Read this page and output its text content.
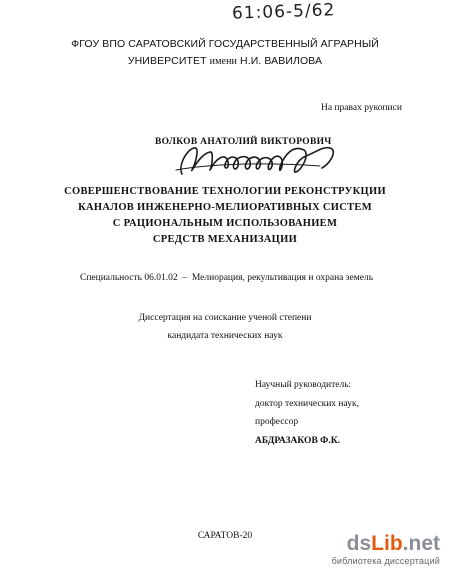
61:06-5/62
ФГОУ ВПО САРАТОВСКИЙ ГОСУДАРСТВЕННЫЙ АГРАРНЫЙ
УНИВЕРСИТЕТ имени Н.И. ВАВИЛОВА
На правах рукописи
ВОЛКОВ АНАТОЛИЙ ВИКТОРОВИЧ
СОВЕРШЕНСТВОВАНИЕ ТЕХНОЛОГИИ РЕКОНСТРУКЦИИ
КАНАЛОВ ИНЖЕНЕРНО-МЕЛИОРАТИВНЫХ СИСТЕМ
С РАЦИОНАЛЬНЫМ ИСПОЛЬЗОВАНИЕМ
СРЕДСТВ МЕХАНИЗАЦИИ
Специальность 06.01.02  –  Мелиорация, рекультивация и охрана земель
Диссертация на соискание ученой степени
кандидата технических наук
Научный руководитель:
доктор технических наук,
профессор
АБДРАЗАКОВ Ф.К.
САРАТОВ-20	dsLib.net
библиотека диссертаций
